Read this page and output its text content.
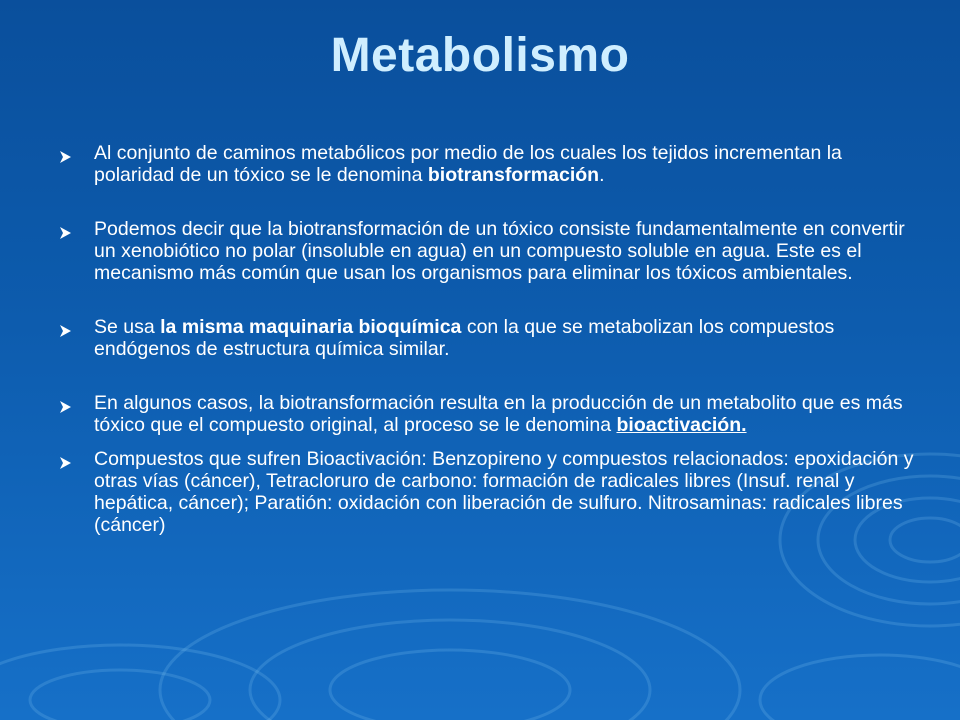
Metabolismo
Al conjunto de caminos metabólicos por medio de los cuales los tejidos incrementan la polaridad de un tóxico se le denomina biotransformación.
Podemos decir que la biotransformación de un tóxico consiste fundamentalmente en convertir un xenobiótico no polar (insoluble en agua) en un compuesto soluble en agua. Este es el mecanismo más común que usan los organismos para eliminar los tóxicos ambientales.
Se usa la misma maquinaria bioquímica con la que se metabolizan los compuestos endógenos de estructura química similar.
En algunos casos, la biotransformación resulta en la producción de un metabolito que es más tóxico que el compuesto original, al proceso se le denomina bioactivación.
Compuestos que sufren Bioactivación: Benzopireno y compuestos relacionados: epoxidación y otras vías (cáncer), Tetracloruro de carbono: formación de radicales libres (Insuf. renal y hepática, cáncer); Paratión: oxidación con liberación de sulfuro. Nitrosaminas: radicales libres (cáncer)
